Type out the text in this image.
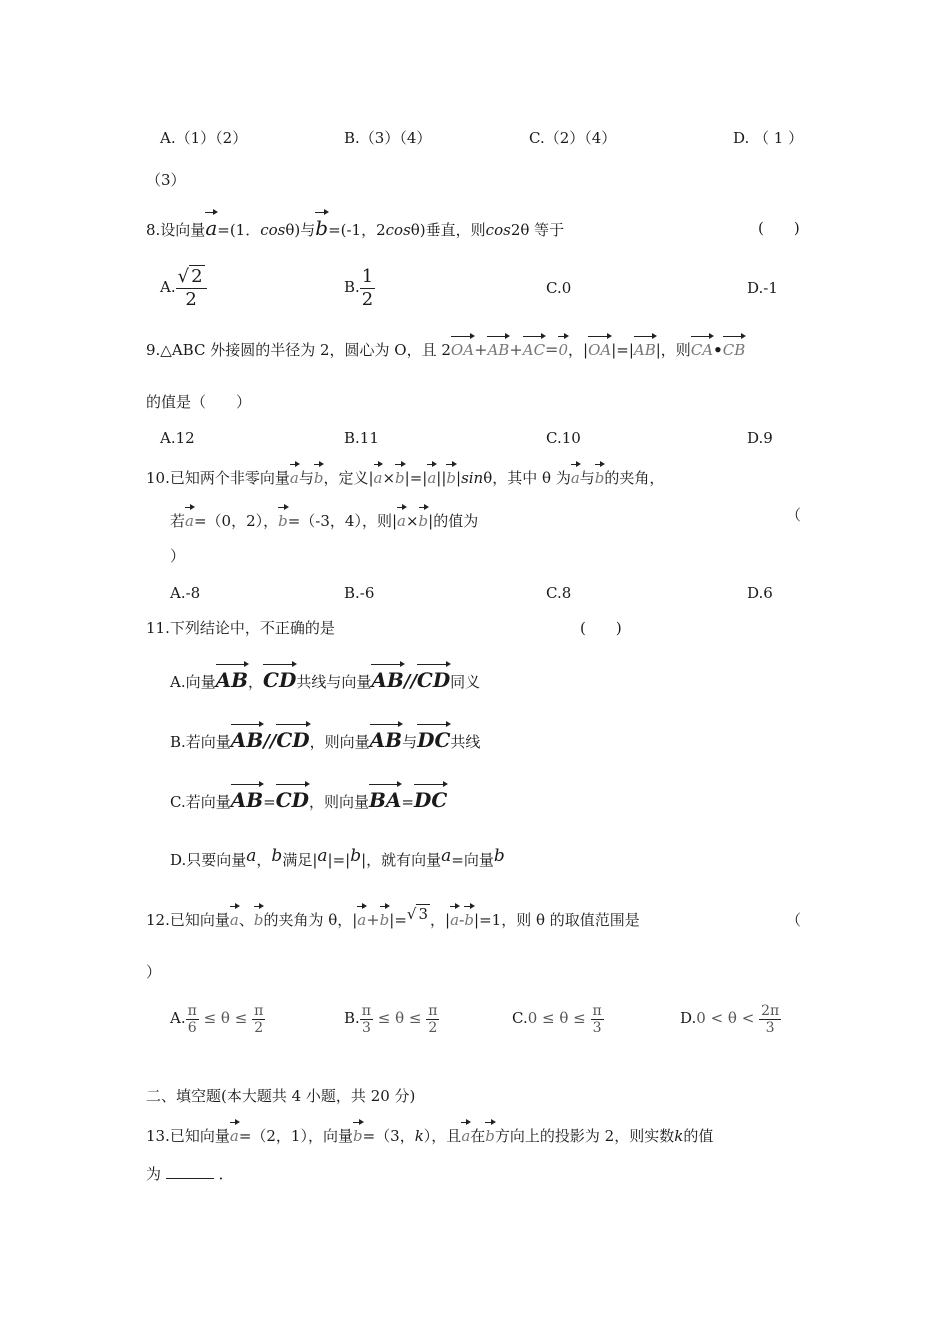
A.（1）（2）	B.（3）（4）	C.（2）（4）	D. （ 1 ）
（3）
8.设向量a=(1．cosθ)与b=(-1，2cosθ)垂直，则cos2θ 等于	(　　)
A. $\frac{√ 2}{2}$	B. $\frac{1}{2}$	C.0	D.-1
9.△ABC 外接圆的半径为 2，圆心为 O，且 2OA+AB+AC=0，|OA|=|AB|，则CA•CB
的值是（　　）
A.12	B.11	C.10	D.9
10.已知两个非零向量a与b，定义|a×b|=|a||b|sinθ，其中 θ 为a与b的夹角，
若a=（0，2），b=（-3，4），则|a×b|的值为	（
）
A.-8	B.-6	C.8	D.6
11.下列结论中，不正确的是	(　　)
A.向量AB，CD共线与向量AB//CD同义
B.若向量AB//CD，则向量AB与DC共线
C.若向量AB=CD，则向量BA=DC
D.只要向量a，b满足|a|=|b|，就有向量a=向量b
12.已知向量a、b的夹角为 θ，|a+b|=√ 3 ，|a-b|=1，则 θ 的取值范围是	（
）
A. $\frac{\pi}{6} \le \theta \le \frac{\pi}{2}$	B. $\frac{\pi}{3} \le \theta \le \frac{\pi}{2}$	$C.0 \le \theta \le \frac{\pi}{3}$	$D.0 < \theta < \frac{2\pi}{3}$
二、填空题(本大题共 4 小题，共 20 分)
13.已知向量a=（2，1），向量b=（3，k），且a在b方向上的投影为 2，则实数k的值
为	．
